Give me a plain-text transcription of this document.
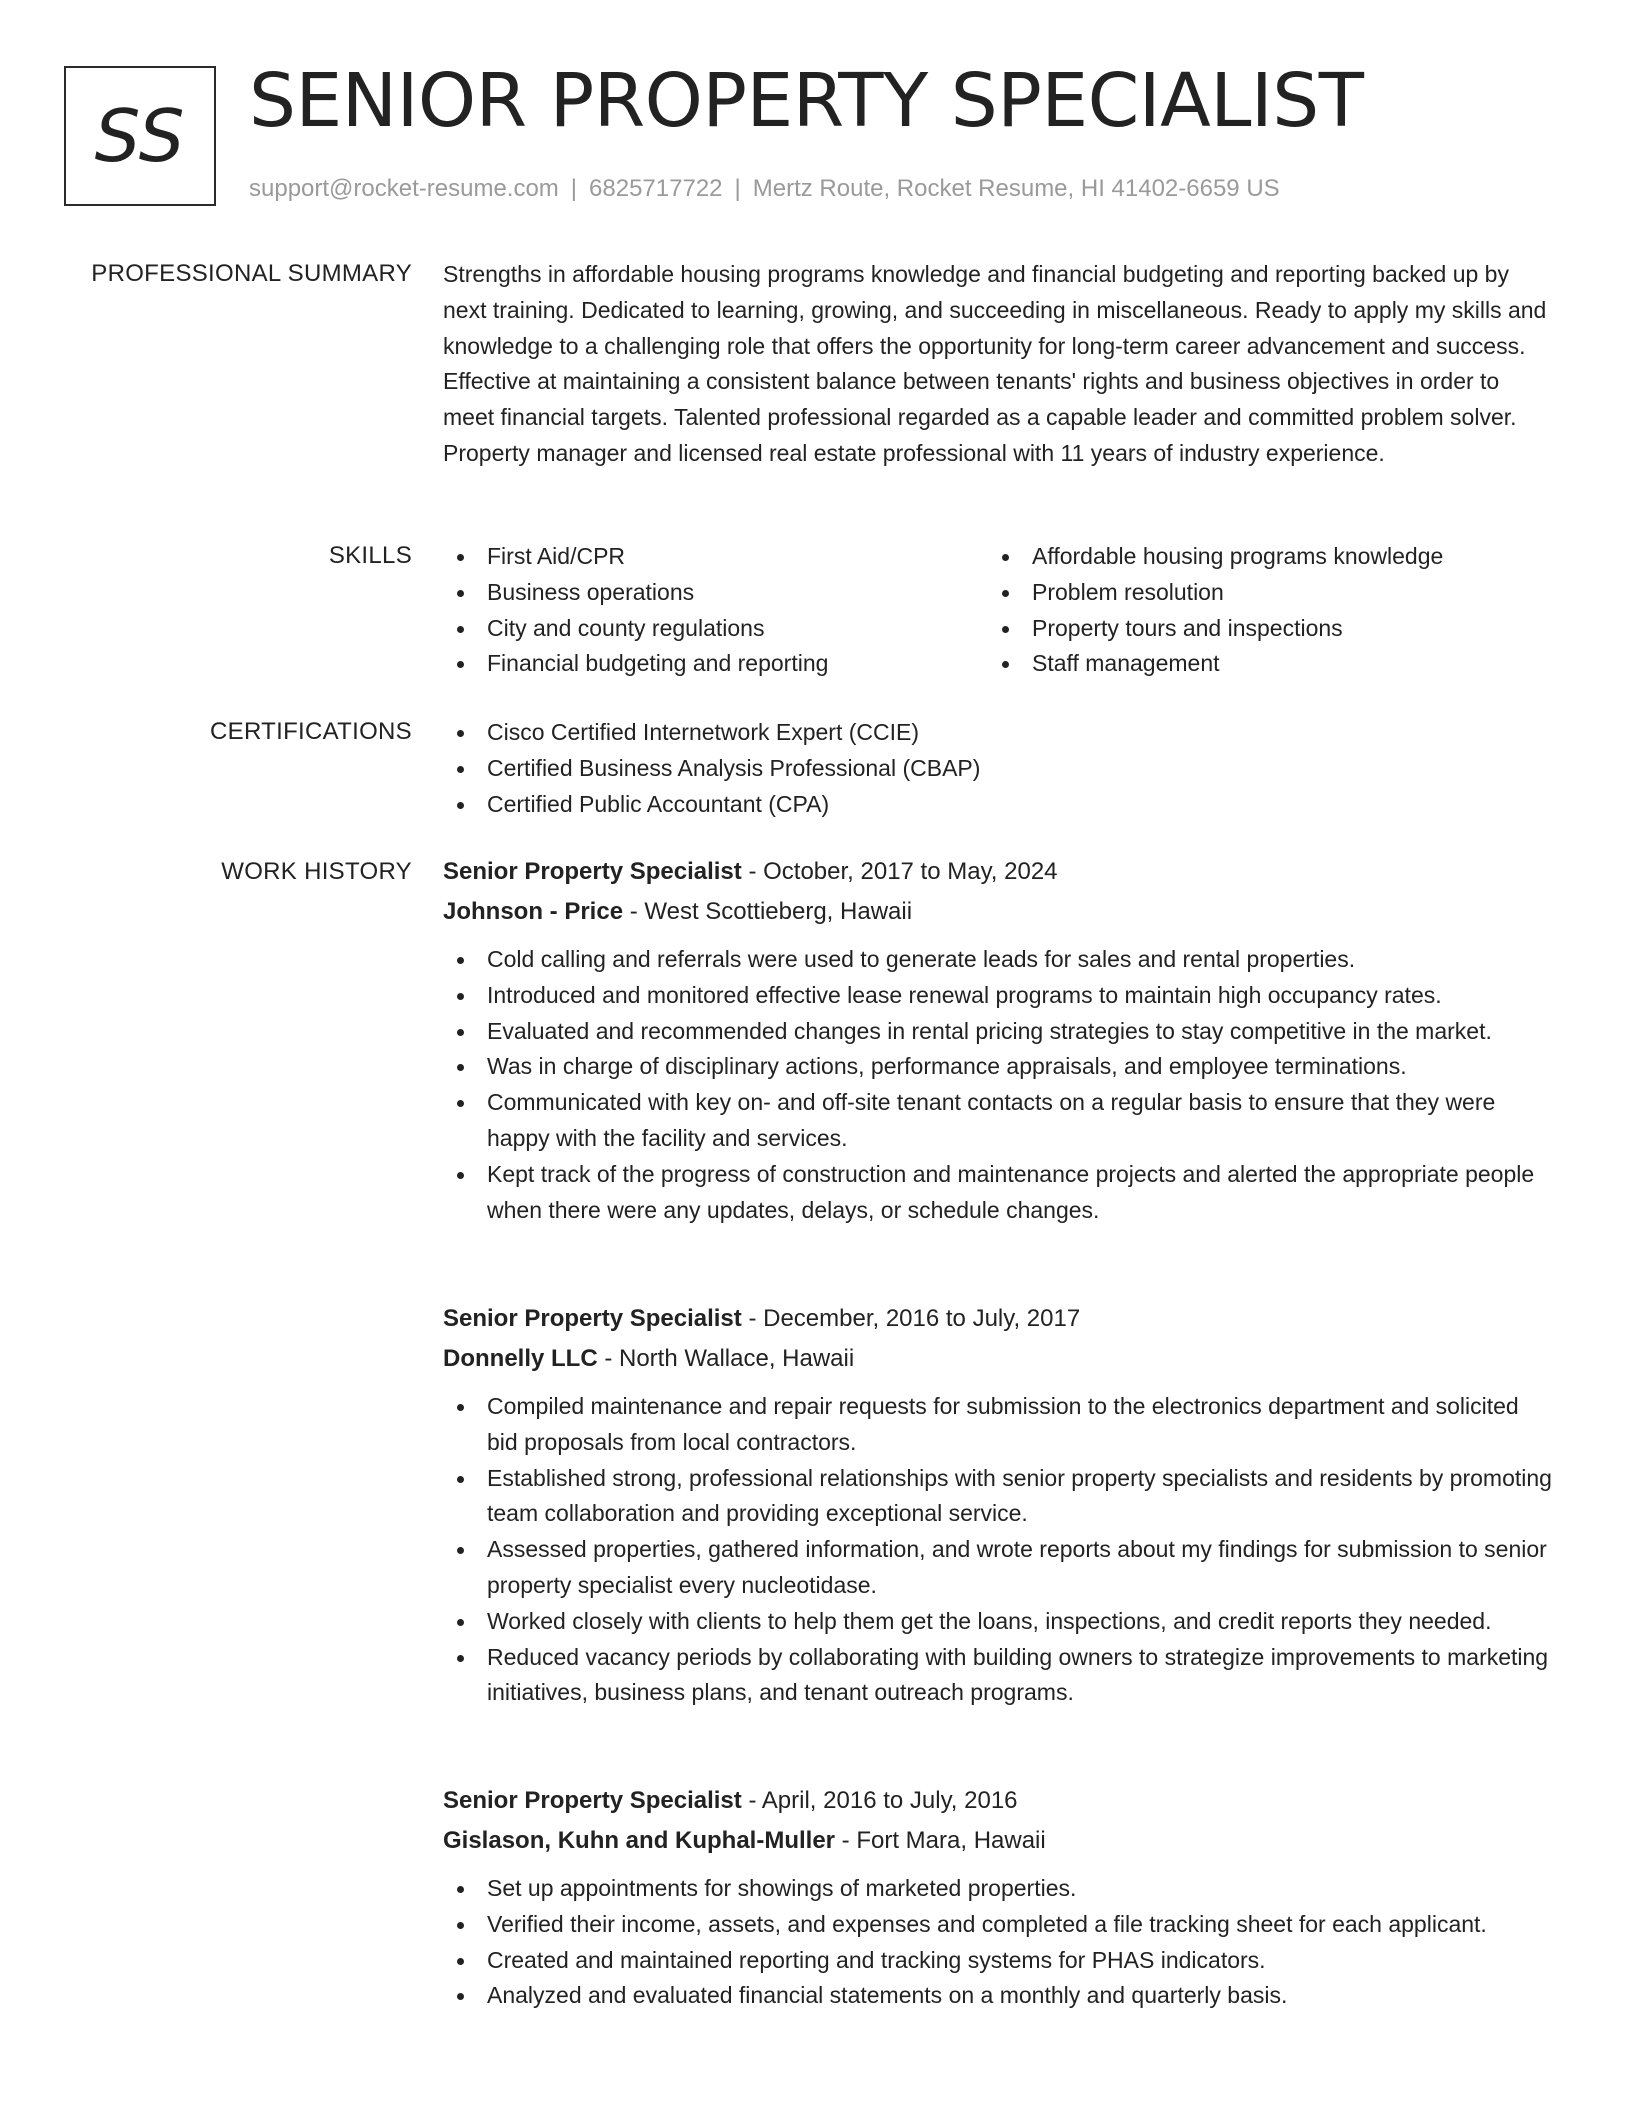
SS SENIOR PROPERTY SPECIALIST
support@rocket-resume.com | 6825717722 | Mertz Route, Rocket Resume, HI 41402-6659 US
PROFESSIONAL SUMMARY Strengths in affordable housing programs knowledge and financial budgeting and reporting backed up by next training. Dedicated to learning, growing, and succeeding in miscellaneous. Ready to apply my skills and knowledge to a challenging role that offers the opportunity for long-term career advancement and success. Effective at maintaining a consistent balance between tenants' rights and business objectives in order to meet financial targets. Talented professional regarded as a capable leader and committed problem solver. Property manager and licensed real estate professional with 11 years of industry experience.

SKILLS	First Aid/CPR
Business operations
City and county regulations
Financial budgeting and reporting
Affordable housing programs knowledge
Problem resolution
Property tours and inspections
Staff management
CERTIFICATIONS	Cisco Certified Internetwork Expert (CCIE)
Certified Business Analysis Professional (CBAP)
Certified Public Accountant (CPA)
WORK HISTORY Senior Property Specialist - October, 2017 to May, 2024
Johnson - Price - West Scottieberg, Hawaii
Cold calling and referrals were used to generate leads for sales and rental properties.
Introduced and monitored effective lease renewal programs to maintain high occupancy rates.
Evaluated and recommended changes in rental pricing strategies to stay competitive in the market.
Was in charge of disciplinary actions, performance appraisals, and employee terminations.
Communicated with key on- and off-site tenant contacts on a regular basis to ensure that they were happy with the facility and services.
Kept track of the progress of construction and maintenance projects and alerted the appropriate people when there were any updates, delays, or schedule changes.
Senior Property Specialist - December, 2016 to July, 2017
Donnelly LLC - North Wallace, Hawaii
Compiled maintenance and repair requests for submission to the electronics department and solicited bid proposals from local contractors.
Established strong, professional relationships with senior property specialists and residents by promoting team collaboration and providing exceptional service.
Assessed properties, gathered information, and wrote reports about my findings for submission to senior property specialist every nucleotidase.
Worked closely with clients to help them get the loans, inspections, and credit reports they needed.
Reduced vacancy periods by collaborating with building owners to strategize improvements to marketing initiatives, business plans, and tenant outreach programs.
Senior Property Specialist - April, 2016 to July, 2016
Gislason, Kuhn and Kuphal-Muller - Fort Mara, Hawaii
Set up appointments for showings of marketed properties.
Verified their income, assets, and expenses and completed a file tracking sheet for each applicant.
Created and maintained reporting and tracking systems for PHAS indicators.
Analyzed and evaluated financial statements on a monthly and quarterly basis.
